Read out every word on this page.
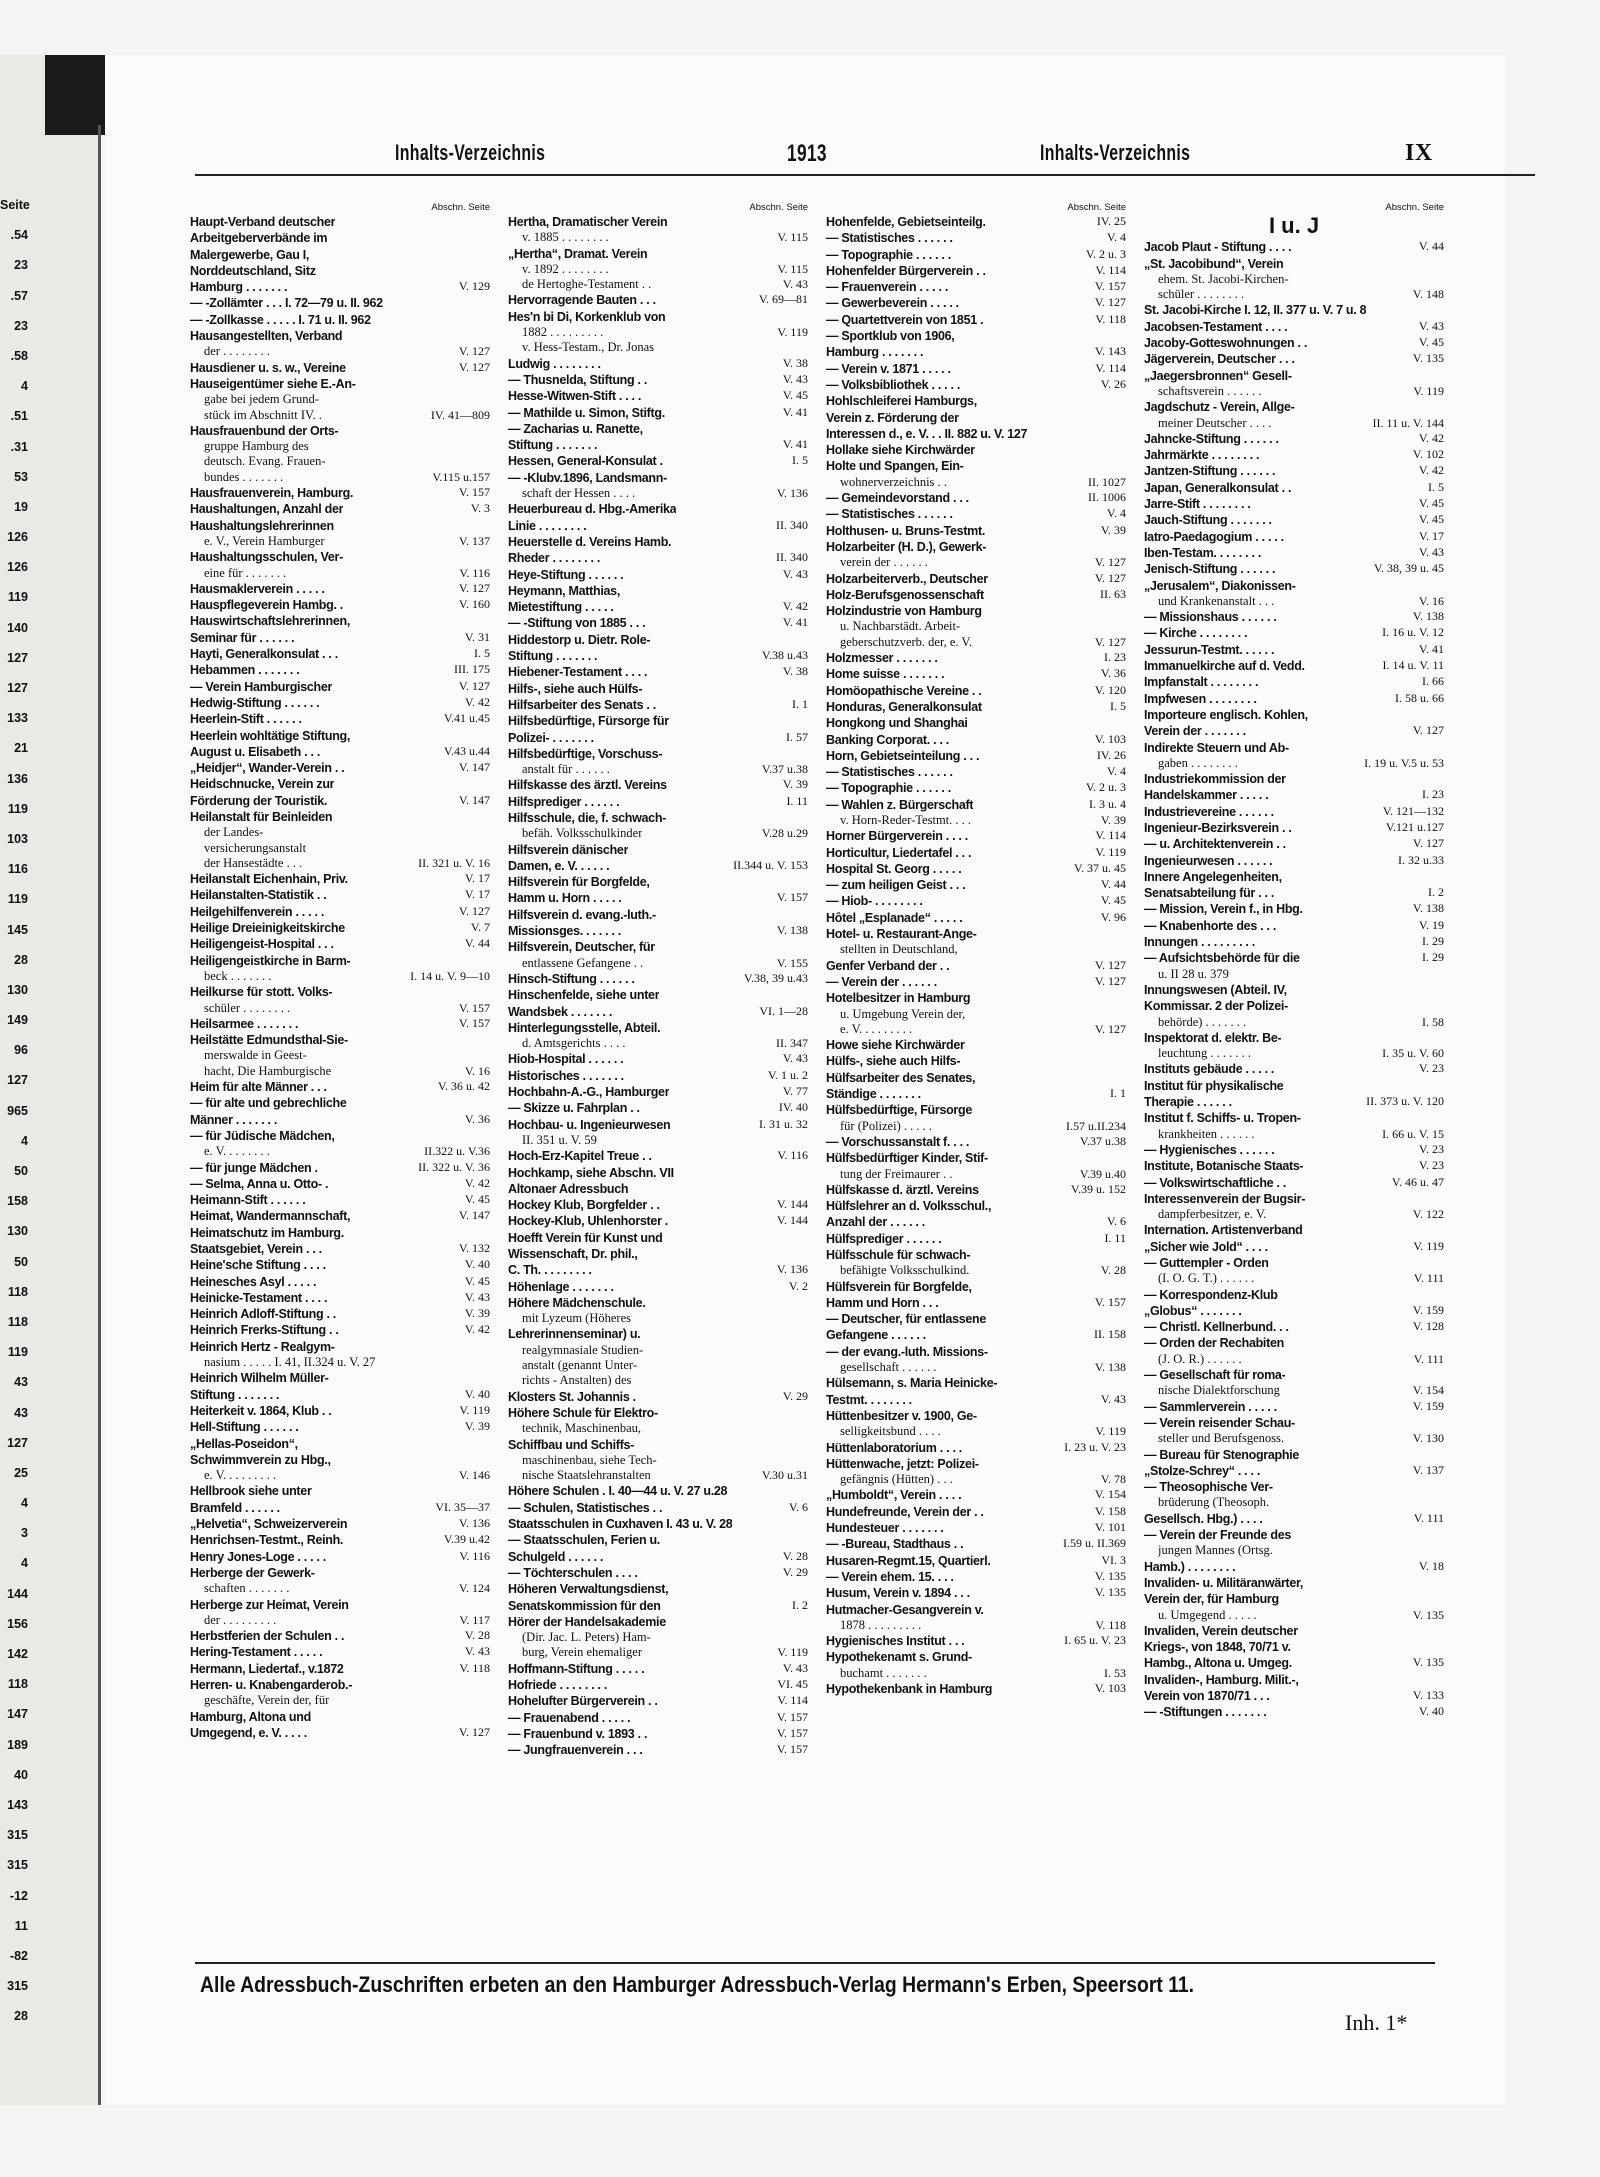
Seite
.54
23
.57
23
.58
4
.51
.31
53
19
126
126
119
140
127
127
133
21
136
119
103
116
119
145
28
130
149
96
127
965
4
50
158
130
50
118
118
119
43
43
127
25
4
3
4
144
156
142
118
147
189
40
143
315
315
-12
11
-82
315
28
Inhalts-Verzeichnis	1913	Inhalts-Verzeichnis	IX
Abschn. Seite
Haupt-Verband deutscher
Arbeitgeberverbände im
Malergewerbe, Gau I,
Norddeutschland, Sitz
Hamburg . . . . . . .	V. 129
— -Zollämter . . . I. 72—79 u. II. 962
— -Zollkasse . . . . . I. 71 u. II. 962
Hausangestellten, Verband
der . . . . . . . .	V. 127
Hausdiener u. s. w., Vereine	V. 127
Hauseigentümer siehe E.-An-
gabe bei jedem Grund-
stück im Abschnitt IV. .	IV. 41—809
Hausfrauenbund der Orts-
gruppe Hamburg des
deutsch. Evang. Frauen-
bundes . . . . . . .	V.115 u.157
Hausfrauenverein, Hamburg.	V. 157
Haushaltungen, Anzahl der	V. 3
Haushaltungslehrerinnen
e. V., Verein Hamburger	V. 137
Haushaltungsschulen, Ver-
eine für . . . . . . .	V. 116
Hausmaklerverein . . . . .	V. 127
Hauspflegeverein Hambg. .	V. 160
Hauswirtschaftslehrerinnen,
Seminar für . . . . . .	V. 31
Hayti, Generalkonsulat . . .	I. 5
Hebammen . . . . . . .	III. 175
— Verein Hamburgischer	V. 127
Hedwig-Stiftung . . . . . .	V. 42
Heerlein-Stift . . . . . .	V.41 u.45
Heerlein wohltätige Stiftung,
August u. Elisabeth . . .	V.43 u.44
„Heidjer“, Wander-Verein . .	V. 147
Heidschnucke, Verein zur
Förderung der Touristik.	V. 147
Heilanstalt für Beinleiden
der Landes-
versicherungsanstalt
der Hansestädte . . .	II. 321 u. V. 16
Heilanstalt Eichenhain, Priv.	V. 17
Heilanstalten-Statistik . .	V. 17
Heilgehilfenverein . . . . .	V. 127
Heilige Dreieinigkeitskirche	V. 7
Heiligengeist-Hospital . . .	V. 44
Heiligengeistkirche in Barm-
beck . . . . . . .	I. 14 u. V. 9—10
Heilkurse für stott. Volks-
schüler . . . . . . . .	V. 157
Heilsarmee . . . . . . .	V. 157
Heilstätte Edmundsthal-Sie-
merswalde in Geest-
hacht, Die Hamburgische	V. 16
Heim für alte Männer . . .	V. 36 u. 42
— für alte und gebrechliche
Männer . . . . . . .	V. 36
— für Jüdische Mädchen,
e. V. . . . . . . .	II.322 u. V.36
— für junge Mädchen .	II. 322 u. V. 36
— Selma, Anna u. Otto- .	V. 42
Heimann-Stift . . . . . .	V. 45
Heimat, Wandermannschaft,	V. 147
Heimatschutz im Hamburg.
Staatsgebiet, Verein . . .	V. 132
Heine'sche Stiftung . . . .	V. 40
Heinesches Asyl . . . . .	V. 45
Heinicke-Testament . . . .	V. 43
Heinrich Adloff-Stiftung . .	V. 39
Heinrich Frerks-Stiftung . .	V. 42
Heinrich Hertz - Realgym-
nasium . . . . . I. 41, II.324 u. V. 27
Heinrich Wilhelm Müller-
Stiftung . . . . . . .	V. 40
Heiterkeit v. 1864, Klub . .	V. 119
Hell-Stiftung . . . . . .	V. 39
„Hellas-Poseidon“,
Schwimmverein zu Hbg.,
e. V. . . . . . . . .	V. 146
Hellbrook siehe unter
Bramfeld . . . . . .	VI. 35—37
„Helvetia“, Schweizerverein	V. 136
Henrichsen-Testmt., Reinh.	V.39 u.42
Henry Jones-Loge . . . . .	V. 116
Herberge der Gewerk-
schaften . . . . . . .	V. 124
Herberge zur Heimat, Verein
der . . . . . . . . .	V. 117
Herbstferien der Schulen . .	V. 28
Hering-Testament . . . . .	V. 43
Hermann, Liedertaf., v.1872	V. 118
Herren- u. Knabengarderob.-
geschäfte, Verein der, für
Hamburg, Altona und
Umgegend, e. V. . . . .	V. 127
Abschn. Seite
Hertha, Dramatischer Verein
v. 1885 . . . . . . . .	V. 115
„Hertha“, Dramat. Verein
v. 1892 . . . . . . . .	V. 115
de Hertoghe-Testament . .	V. 43
Hervorragende Bauten . . .	V. 69—81
Hes'n bi Di, Korkenklub von
1882 . . . . . . . . .	V. 119
v. Hess-Testam., Dr. Jonas
Ludwig . . . . . . . .	V. 38
— Thusnelda, Stiftung . .	V. 43
Hesse-Witwen-Stift . . . .	V. 45
— Mathilde u. Simon, Stiftg.	V. 41
— Zacharias u. Ranette,
Stiftung . . . . . . .	V. 41
Hessen, General-Konsulat .	I. 5
— -Klubv.1896, Landsmann-
schaft der Hessen . . . .	V. 136
Heuerbureau d. Hbg.-Amerika
Linie . . . . . . . .	II. 340
Heuerstelle d. Vereins Hamb.
Rheder . . . . . . . .	II. 340
Heye-Stiftung . . . . . .	V. 43
Heymann, Matthias,
Mietestiftung . . . . .	V. 42
— -Stiftung von 1885 . . .	V. 41
Hiddestorp u. Dietr. Role-
Stiftung . . . . . . .	V.38 u.43
Hiebener-Testament . . . .	V. 38
Hilfs-, siehe auch Hülfs-
Hilfsarbeiter des Senats . .	I. 1
Hilfsbedürftige, Fürsorge für
Polizei- . . . . . . .	I. 57
Hilfsbedürftige, Vorschuss-
anstalt für . . . . . .	V.37 u.38
Hilfskasse des ärztl. Vereins	V. 39
Hilfsprediger . . . . . .	I. 11
Hilfsschule, die, f. schwach-
befäh. Volksschulkinder	V.28 u.29
Hilfsverein dänischer
Damen, e. V. . . . . .	II.344 u. V. 153
Hilfsverein für Borgfelde,
Hamm u. Horn . . . . .	V. 157
Hilfsverein d. evang.-luth.-
Missionsges. . . . . . .	V. 138
Hilfsverein, Deutscher, für
entlassene Gefangene . .	V. 155
Hinsch-Stiftung . . . . . .	V.38, 39 u.43
Hinschenfelde, siehe unter
Wandsbek . . . . . . .	VI. 1—28
Hinterlegungsstelle, Abteil.
d. Amtsgerichts . . . .	II. 347
Hiob-Hospital . . . . . .	V. 43
Historisches . . . . . . .	V. 1 u. 2
Hochbahn-A.-G., Hamburger	V. 77
— Skizze u. Fahrplan . .	IV. 40
Hochbau- u. Ingenieurwesen	I. 31 u. 32
II. 351 u. V. 59
Hoch-Erz-Kapitel Treue . .	V. 116
Hochkamp, siehe Abschn. VII
Altonaer Adressbuch
Hockey Klub, Borgfelder . .	V. 144
Hockey-Klub, Uhlenhorster .	V. 144
Hoefft Verein für Kunst und
Wissenschaft, Dr. phil.,
C. Th. . . . . . . . .	V. 136
Höhenlage . . . . . . .	V. 2
Höhere Mädchenschule.
mit Lyzeum (Höheres
Lehrerinnenseminar) u.
realgymnasiale Studien-
anstalt (genannt Unter-
richts - Anstalten) des
Klosters St. Johannis .	V. 29
Höhere Schule für Elektro-
technik, Maschinenbau,
Schiffbau und Schiffs-
maschinenbau, siehe Tech-
nische Staatslehranstalten	V.30 u.31
Höhere Schulen . I. 40—44 u. V. 27 u.28
— Schulen, Statistisches . .	V. 6
Staatsschulen in Cuxhaven I. 43 u. V. 28
— Staatsschulen, Ferien u.
Schulgeld . . . . . .	V. 28
— Töchterschulen . . . .	V. 29
Höheren Verwaltungsdienst,
Senatskommission für den	I. 2
Hörer der Handelsakademie
(Dir. Jac. L. Peters) Ham-
burg, Verein ehemaliger	V. 119
Hoffmann-Stiftung . . . . .	V. 43
Hofriede . . . . . . . .	VI. 45
Hohelufter Bürgerverein . .	V. 114
— Frauenabend . . . . .	V. 157
— Frauenbund v. 1893 . .	V. 157
— Jungfrauenverein . . .	V. 157
Abschn. Seite
Hohenfelde, Gebietseinteilg.	IV. 25
— Statistisches . . . . . .	V. 4
— Topographie . . . . . .	V. 2 u. 3
Hohenfelder Bürgerverein . .	V. 114
— Frauenverein . . . . .	V. 157
— Gewerbeverein . . . . .	V. 127
— Quartettverein von 1851 .	V. 118
— Sportklub von 1906,
Hamburg . . . . . . .	V. 143
— Verein v. 1871 . . . . .	V. 114
— Volksbibliothek . . . . .	V. 26
Hohlschleiferei Hamburgs,
Verein z. Förderung der
Interessen d., e. V. . . II. 882 u. V. 127
Hollake siehe Kirchwärder
Holte und Spangen, Ein-
wohnerverzeichnis . .	II. 1027
— Gemeindevorstand . . .	II. 1006
— Statistisches . . . . . .	V. 4
Holthusen- u. Bruns-Testmt.	V. 39
Holzarbeiter (H. D.), Gewerk-
verein der . . . . . .	V. 127
Holzarbeiterverb., Deutscher	V. 127
Holz-Berufsgenossenschaft	II. 63
Holzindustrie von Hamburg
u. Nachbarstädt. Arbeit-
geberschutzverb. der, e. V.	V. 127
Holzmesser . . . . . . .	I. 23
Home suisse . . . . . . .	V. 36
Homöopathische Vereine . .	V. 120
Honduras, Generalkonsulat	I. 5
Hongkong und Shanghai
Banking Corporat. . . .	V. 103
Horn, Gebietseinteilung . . .	IV. 26
— Statistisches . . . . . .	V. 4
— Topographie . . . . . .	V. 2 u. 3
— Wahlen z. Bürgerschaft	I. 3 u. 4
v. Horn-Reder-Testmt. . . .	V. 39
Horner Bürgerverein . . . .	V. 114
Horticultur, Liedertafel . . .	V. 119
Hospital St. Georg . . . . .	V. 37 u. 45
— zum heiligen Geist . . .	V. 44
— Hiob- . . . . . . . .	V. 45
Hôtel „Esplanade“ . . . . .	V. 96
Hotel- u. Restaurant-Ange-
stellten in Deutschland,
Genfer Verband der . .	V. 127
— Verein der . . . . . .	V. 127
Hotelbesitzer in Hamburg
u. Umgebung Verein der,
e. V. . . . . . . . .	V. 127
Howe siehe Kirchwärder
Hülfs-, siehe auch Hilfs-
Hülfsarbeiter des Senates,
Ständige . . . . . . .	I. 1
Hülfsbedürftige, Fürsorge
für (Polizei) . . . . .	I.57 u.II.234
— Vorschussanstalt f. . . .	V.37 u.38
Hülfsbedürftiger Kinder, Stif-
tung der Freimaurer . .	V.39 u.40
Hülfskasse d. ärztl. Vereins	V.39 u. 152
Hülfslehrer an d. Volksschul.,
Anzahl der . . . . . .	V. 6
Hülfsprediger . . . . . .	I. 11
Hülfsschule für schwach-
befähigte Volksschulkind.	V. 28
Hülfsverein für Borgfelde,
Hamm und Horn . . .	V. 157
— Deutscher, für entlassene
Gefangene . . . . . .	II. 158
— der evang.-luth. Missions-
gesellschaft . . . . . .	V. 138
Hülsemann, s. Maria Heinicke-
Testmt. . . . . . . .	V. 43
Hüttenbesitzer v. 1900, Ge-
selligkeitsbund . . . .	V. 119
Hüttenlaboratorium . . . .	I. 23 u. V. 23
Hüttenwache, jetzt: Polizei-
gefängnis (Hütten) . . .	V. 78
„Humboldt“, Verein . . . .	V. 154
Hundefreunde, Verein der . .	V. 158
Hundesteuer . . . . . . .	V. 101
— -Bureau, Stadthaus . .	I.59 u. II.369
Husaren-Regmt.15, Quartierl.	VI. 3
— Verein ehem. 15. . . .	V. 135
Husum, Verein v. 1894 . . .	V. 135
Hutmacher-Gesangverein v.
1878 . . . . . . . . .	V. 118
Hygienisches Institut . . .	I. 65 u. V. 23
Hypothekenamt s. Grund-
buchamt . . . . . . .	I. 53
Hypothekenbank in Hamburg	V. 103
Abschn. Seite
I u. J
Jacob Plaut - Stiftung . . . .	V. 44
„St. Jacobibund“, Verein
ehem. St. Jacobi-Kirchen-
schüler . . . . . . . .	V. 148
St. Jacobi-Kirche I. 12, II. 377 u. V. 7 u. 8
Jacobsen-Testament . . . .	V. 43
Jacoby-Gotteswohnungen . .	V. 45
Jägerverein, Deutscher . . .	V. 135
„Jaegersbronnen“ Gesell-
schaftsverein . . . . . .	V. 119
Jagdschutz - Verein, Allge-
meiner Deutscher . . . .	II. 11 u. V. 144
Jahncke-Stiftung . . . . . .	V. 42
Jahrmärkte . . . . . . . .	V. 102
Jantzen-Stiftung . . . . . .	V. 42
Japan, Generalkonsulat . .	I. 5
Jarre-Stift . . . . . . . .	V. 45
Jauch-Stiftung . . . . . . .	V. 45
Iatro-Paedagogium . . . . .	V. 17
Iben-Testam. . . . . . . .	V. 43
Jenisch-Stiftung . . . . . .	V. 38, 39 u. 45
„Jerusalem“, Diakonissen-
und Krankenanstalt . . .	V. 16
— Missionshaus . . . . . .	V. 138
— Kirche . . . . . . . .	I. 16 u. V. 12
Jessurun-Testmt. . . . . .	V. 41
Immanuelkirche auf d. Vedd.	I. 14 u. V. 11
Impfanstalt . . . . . . . .	I. 66
Impfwesen . . . . . . . .	I. 58 u. 66
Importeure englisch. Kohlen,
Verein der . . . . . . .	V. 127
Indirekte Steuern und Ab-
gaben . . . . . . . .	I. 19 u. V.5 u. 53
Industriekommission der
Handelskammer . . . . .	I. 23
Industrievereine . . . . . .	V. 121—132
Ingenieur-Bezirksverein . .	V.121 u.127
— u. Architektenverein . .	V. 127
Ingenieurwesen . . . . . .	I. 32 u.33
Innere Angelegenheiten,
Senatsabteilung für . . .	I. 2
— Mission, Verein f., in Hbg.	V. 138
— Knabenhorte des . . .	V. 19
Innungen . . . . . . . . .	I. 29
— Aufsichtsbehörde für die	I. 29
u. II 28 u. 379
Innungswesen (Abteil. IV,
Kommissar. 2 der Polizei-
behörde) . . . . . . .	I. 58
Inspektorat d. elektr. Be-
leuchtung . . . . . . .	I. 35 u. V. 60
Instituts gebäude . . . . .	V. 23
Institut für physikalische
Therapie . . . . . .	II. 373 u. V. 120
Institut f. Schiffs- u. Tropen-
krankheiten . . . . . .	I. 66 u. V. 15
— Hygienisches . . . . . .	V. 23
Institute, Botanische Staats-	V. 23
— Volkswirtschaftliche . .	V. 46 u. 47
Interessenverein der Bugsir-
dampferbesitzer, e. V.	V. 122
Internation. Artistenverband
„Sicher wie Jold“ . . . .	V. 119
— Guttempler - Orden
(I. O. G. T.) . . . . . .	V. 111
— Korrespondenz-Klub
„Globus“ . . . . . . .	V. 159
— Christl. Kellnerbund. . .	V. 128
— Orden der Rechabiten
(J. O. R.) . . . . . .	V. 111
— Gesellschaft für roma-
nische Dialektforschung	V. 154
— Sammlerverein . . . . .	V. 159
— Verein reisender Schau-
steller und Berufsgenoss.	V. 130
— Bureau für Stenographie
„Stolze-Schrey“ . . . .	V. 137
— Theosophische Ver-
brüderung (Theosoph.
Gesellsch. Hbg.) . . . .	V. 111
— Verein der Freunde des
jungen Mannes (Ortsg.
Hamb.) . . . . . . . .	V. 18
Invaliden- u. Militäranwärter,
Verein der, für Hamburg
u. Umgegend . . . . .	V. 135
Invaliden, Verein deutscher
Kriegs-, von 1848, 70/71 v.
Hambg., Altona u. Umgeg.	V. 135
Invaliden-, Hamburg. Milit.-,
Verein von 1870/71 . . .	V. 133
— -Stiftungen . . . . . . .	V. 40
Alle Adressbuch-Zuschriften erbeten an den Hamburger Adressbuch-Verlag Hermann's Erben, Speersort 11.
Inh. 1*
